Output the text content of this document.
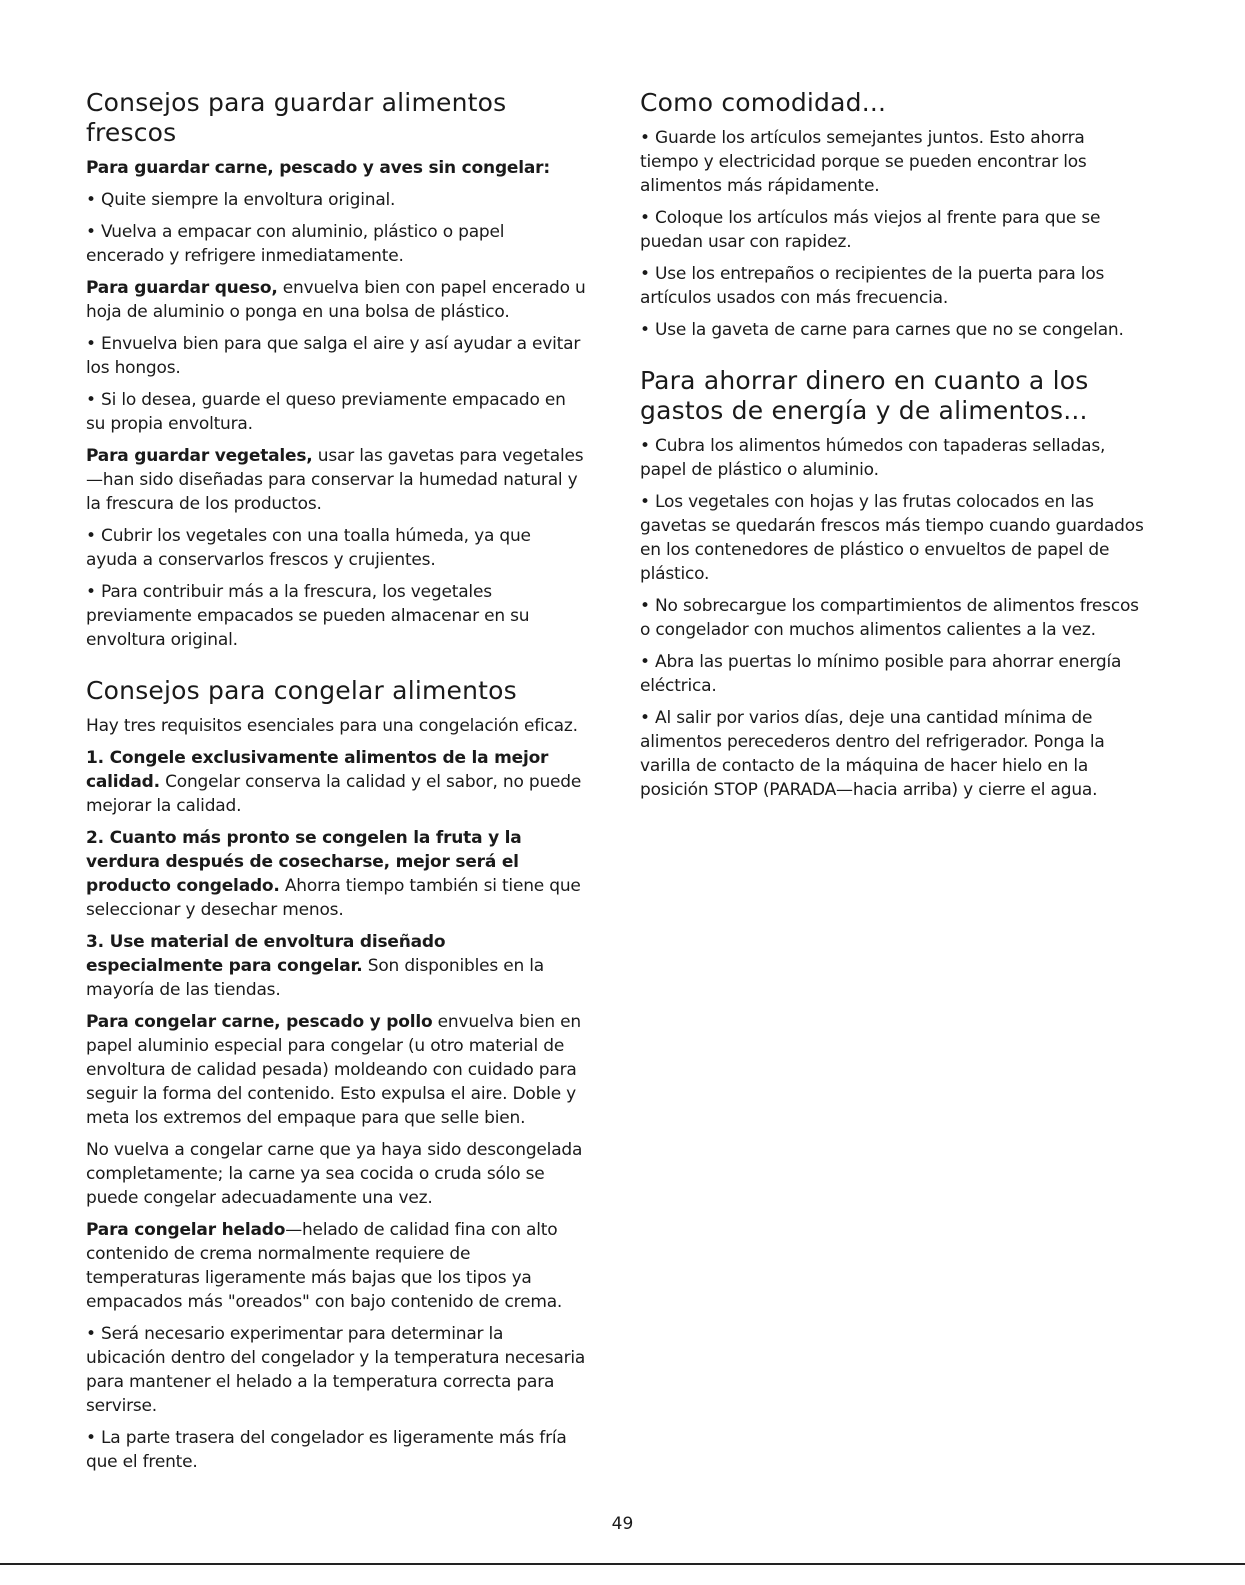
Consejos para guardar alimentos frescos

Para guardar carne, pescado y aves sin congelar:

• Quite siempre la envoltura original.

• Vuelva a empacar con aluminio, plástico o papel encerado y refrigere inmediatamente.

Para guardar queso, envuelva bien con papel encerado u hoja de aluminio o ponga en una bolsa de plástico.

• Envuelva bien para que salga el aire y así ayudar a evitar los hongos.

• Si lo desea, guarde el queso previamente empacado en su propia envoltura.

Para guardar vegetales, usar las gavetas para vegetales—han sido diseñadas para conservar la humedad natural y la frescura de los productos.

• Cubrir los vegetales con una toalla húmeda, ya que ayuda a conservarlos frescos y crujientes.

• Para contribuir más a la frescura, los vegetales previamente empacados se pueden almacenar en su envoltura original.

Consejos para congelar alimentos

Hay tres requisitos esenciales para una congelación eficaz.

1. Congele exclusivamente alimentos de la mejor calidad. Congelar conserva la calidad y el sabor, no puede mejorar la calidad.

2. Cuanto más pronto se congelen la fruta y la verdura después de cosecharse, mejor será el producto congelado. Ahorra tiempo también si tiene que seleccionar y desechar menos.

3. Use material de envoltura diseñado especialmente para congelar. Son disponibles en la mayoría de las tiendas.

Para congelar carne, pescado y pollo envuelva bien en papel aluminio especial para congelar (u otro material de envoltura de calidad pesada) moldeando con cuidado para seguir la forma del contenido. Esto expulsa el aire. Doble y meta los extremos del empaque para que selle bien.

No vuelva a congelar carne que ya haya sido descongelada completamente; la carne ya sea cocida o cruda sólo se puede congelar adecuadamente una vez.

Para congelar helado—helado de calidad fina con alto contenido de crema normalmente requiere de temperaturas ligeramente más bajas que los tipos ya empacados más "oreados" con bajo contenido de crema.

• Será necesario experimentar para determinar la ubicación dentro del congelador y la temperatura necesaria para mantener el helado a la temperatura correcta para servirse.

• La parte trasera del congelador es ligeramente más fría que el frente.

Como comodidad...

• Guarde los artículos semejantes juntos. Esto ahorra tiempo y electricidad porque se pueden encontrar los alimentos más rápidamente.

• Coloque los artículos más viejos al frente para que se puedan usar con rapidez.

• Use los entrepaños o recipientes de la puerta para los artículos usados con más frecuencia.

• Use la gaveta de carne para carnes que no se congelan.

Para ahorrar dinero en cuanto a los gastos de energía y de alimentos...

• Cubra los alimentos húmedos con tapaderas selladas, papel de plástico o aluminio.

• Los vegetales con hojas y las frutas colocados en las gavetas se quedarán frescos más tiempo cuando guardados en los contenedores de plástico o envueltos de papel de plástico.

• No sobrecargue los compartimientos de alimentos frescos o congelador con muchos alimentos calientes a la vez.

• Abra las puertas lo mínimo posible para ahorrar energía eléctrica.

• Al salir por varios días, deje una cantidad mínima de alimentos perecederos dentro del refrigerador. Ponga la varilla de contacto de la máquina de hacer hielo en la posición STOP (PARADA—hacia arriba) y cierre el agua.

49
